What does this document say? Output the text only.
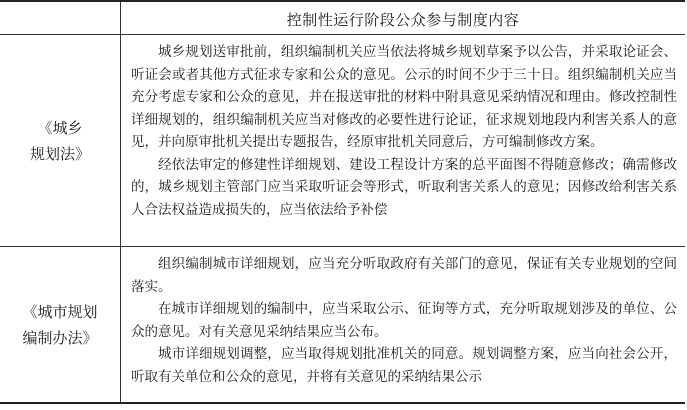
控制性运行阶段公众参与制度内容
《城乡
规划法》

城乡规划送审批前，组织编制机关应当依法将城乡规划草案予以公告，并采取论证会、听证会或者其他方式征求专家和公众的意见。公示的时间不少于三十日。组织编制机关应当充分考虑专家和公众的意见，并在报送审批的材料中附具意见采纳情况和理由。修改控制性详细规划的，组织编制机关应当对修改的必要性进行论证，征求规划地段内利害关系人的意见，并向原审批机关提出专题报告，经原审批机关同意后，方可编制修改方案。

经依法审定的修建性详细规划、建设工程设计方案的总平面图不得随意修改；确需修改的，城乡规划主管部门应当采取听证会等形式，听取利害关系人的意见；因修改给利害关系人合法权益造成损失的，应当依法给予补偿

《城市规划
编制办法》

组织编制城市详细规划，应当充分听取政府有关部门的意见，保证有关专业规划的空间落实。

在城市详细规划的编制中，应当采取公示、征询等方式，充分听取规划涉及的单位、公众的意见。对有关意见采纳结果应当公布。

城市详细规划调整，应当取得规划批准机关的同意。规划调整方案，应当向社会公开，听取有关单位和公众的意见，并将有关意见的采纳结果公示
